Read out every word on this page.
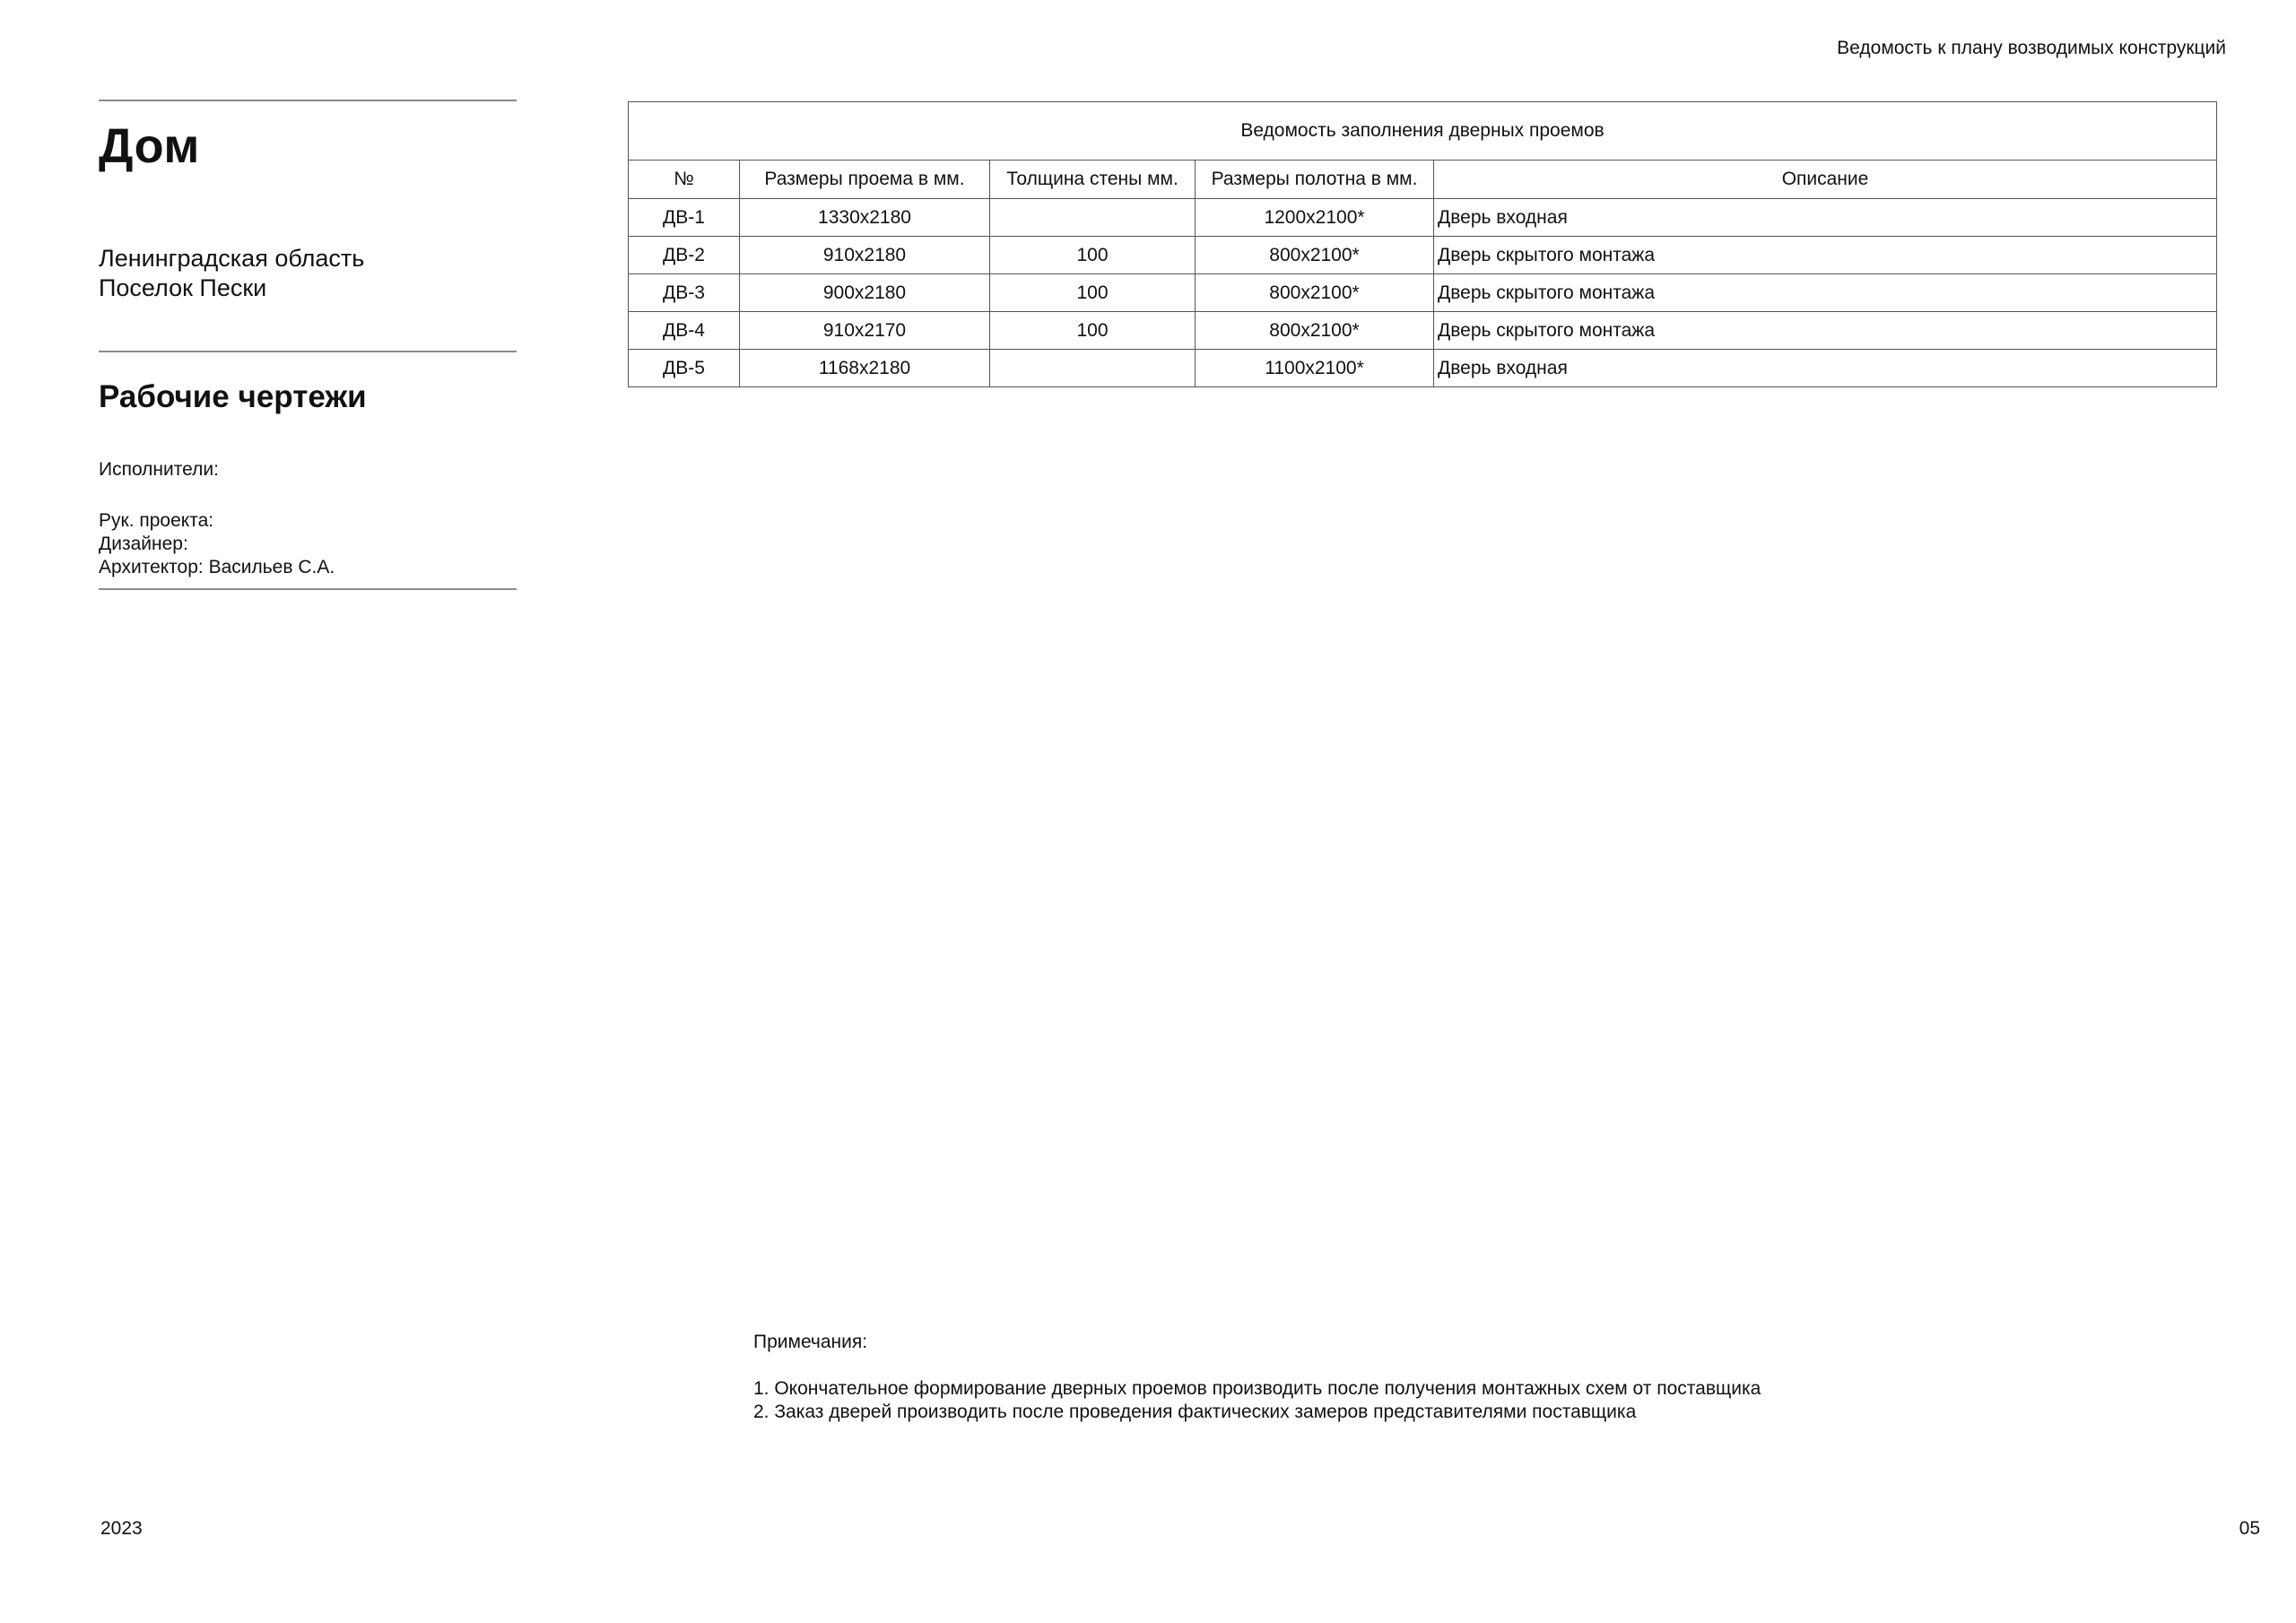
Ведомость к плану возводимых конструкций
Дом
Ленинградская область
Поселок Пески
Рабочие чертежи
Исполнители:
Рук. проекта:
Дизайнер:
Архитектор: Васильев С.А.
Ведомость заполнения дверных проемов				
№	Размеры проема в мм.	Толщина стены мм.	Размеры полотна в мм.	Описание
ДВ-1	1330х2180		1200х2100*	Дверь входная
ДВ-2	910х2180	100	800х2100*	Дверь скрытого монтажа
ДВ-3	900х2180	100	800х2100*	Дверь скрытого монтажа
ДВ-4	910х2170	100	800х2100*	Дверь скрытого монтажа
ДВ-5	1168х2180		1100х2100*	Дверь входная
Примечания:
1. Окончательное формирование дверных проемов производить после получения монтажных схем от поставщика
2. Заказ дверей производить после проведения фактических замеров представителями поставщика
2023	05
